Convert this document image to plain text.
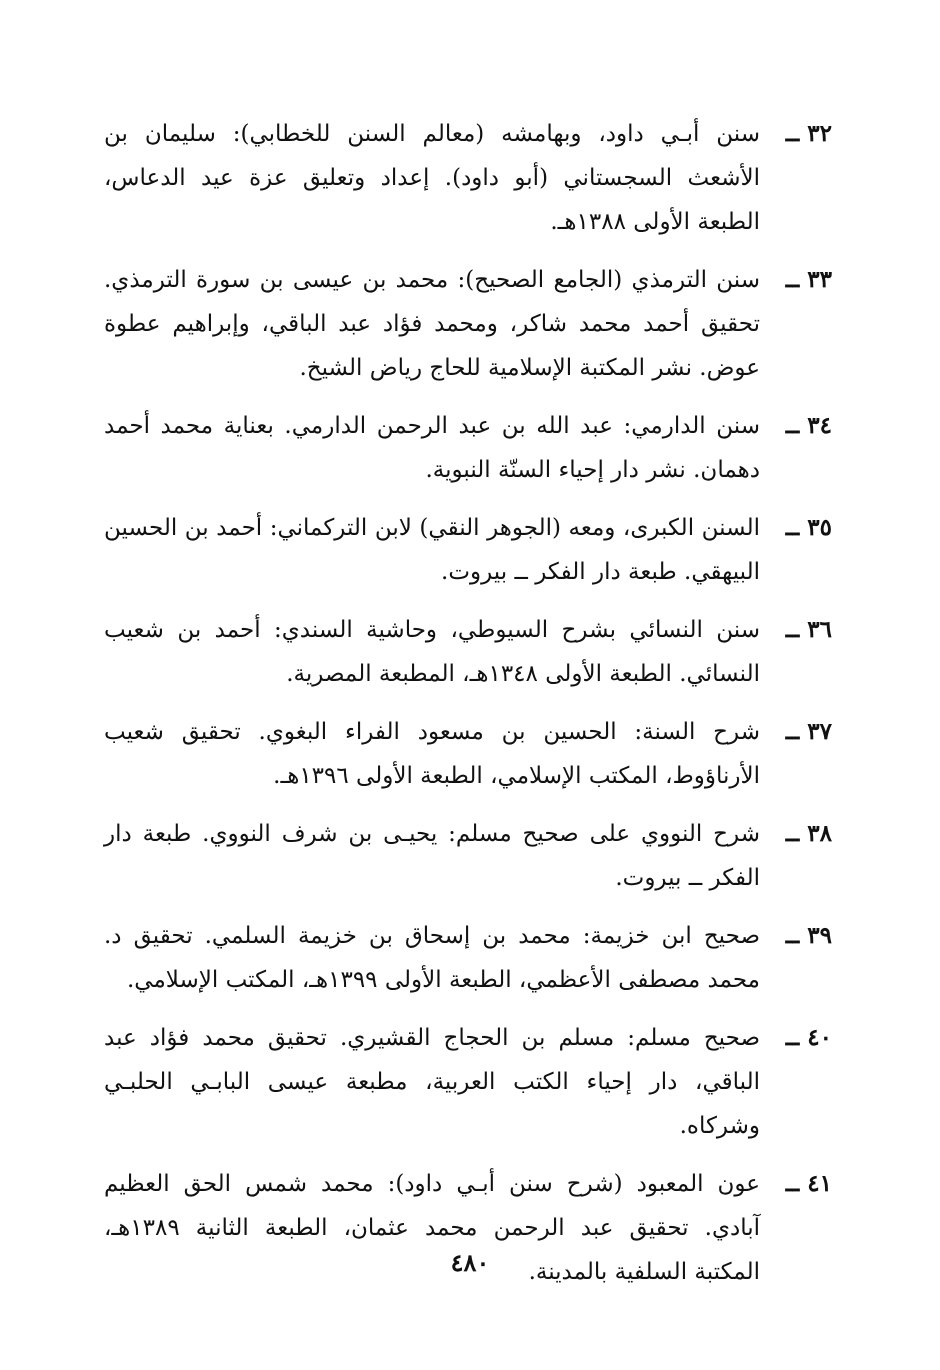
٣٢ ــ
سنن أبـي داود، وبهامشه (معالم السنن للخطابي): سليمان بن الأشعث السجستاني (أبو داود). إعداد وتعليق عزة عيد الدعاس، الطبعة الأولى ١٣٨٨هـ.
٣٣ ــ
سنن الترمذي (الجامع الصحيح): محمد بن عيسى بن سورة الترمذي. تحقيق أحمد محمد شاكر، ومحمد فؤاد عبد الباقي، وإبراهيم عطوة عوض. نشر المكتبة الإسلامية للحاج رياض الشيخ.
٣٤ ــ
سنن الدارمي: عبد الله بن عبد الرحمن الدارمي. بعناية محمد أحمد دهمان. نشر دار إحياء السنّة النبوية.
٣٥ ــ
السنن الكبرى، ومعه (الجوهر النقي) لابن التركماني: أحمد بن الحسين البيهقي. طبعة دار الفكر ــ بيروت.
٣٦ ــ
سنن النسائي بشرح السيوطي، وحاشية السندي: أحمد بن شعيب النسائي. الطبعة الأولى ١٣٤٨هـ، المطبعة المصرية.
٣٧ ــ
شرح السنة: الحسين بن مسعود الفراء البغوي. تحقيق شعيب الأرناؤوط، المكتب الإسلامي، الطبعة الأولى ١٣٩٦هـ.
٣٨ ــ
شرح النووي على صحيح مسلم: يحيـى بن شرف النووي. طبعة دار الفكر ــ بيروت.
٣٩ ــ
صحيح ابن خزيمة: محمد بن إسحاق بن خزيمة السلمي. تحقيق د. محمد مصطفى الأعظمي، الطبعة الأولى ١٣٩٩هـ، المكتب الإسلامي.
٤٠ ــ
صحيح مسلم: مسلم بن الحجاج القشيري. تحقيق محمد فؤاد عبد الباقي، دار إحياء الكتب العربية، مطبعة عيسى البابـي الحلبـي وشركاه.
٤١ ــ
عون المعبود (شرح سنن أبـي داود): محمد شمس الحق العظيم آبادي. تحقيق عبد الرحمن محمد عثمان، الطبعة الثانية ١٣٨٩هـ، المكتبة السلفية بالمدينة.
٤٨٠
